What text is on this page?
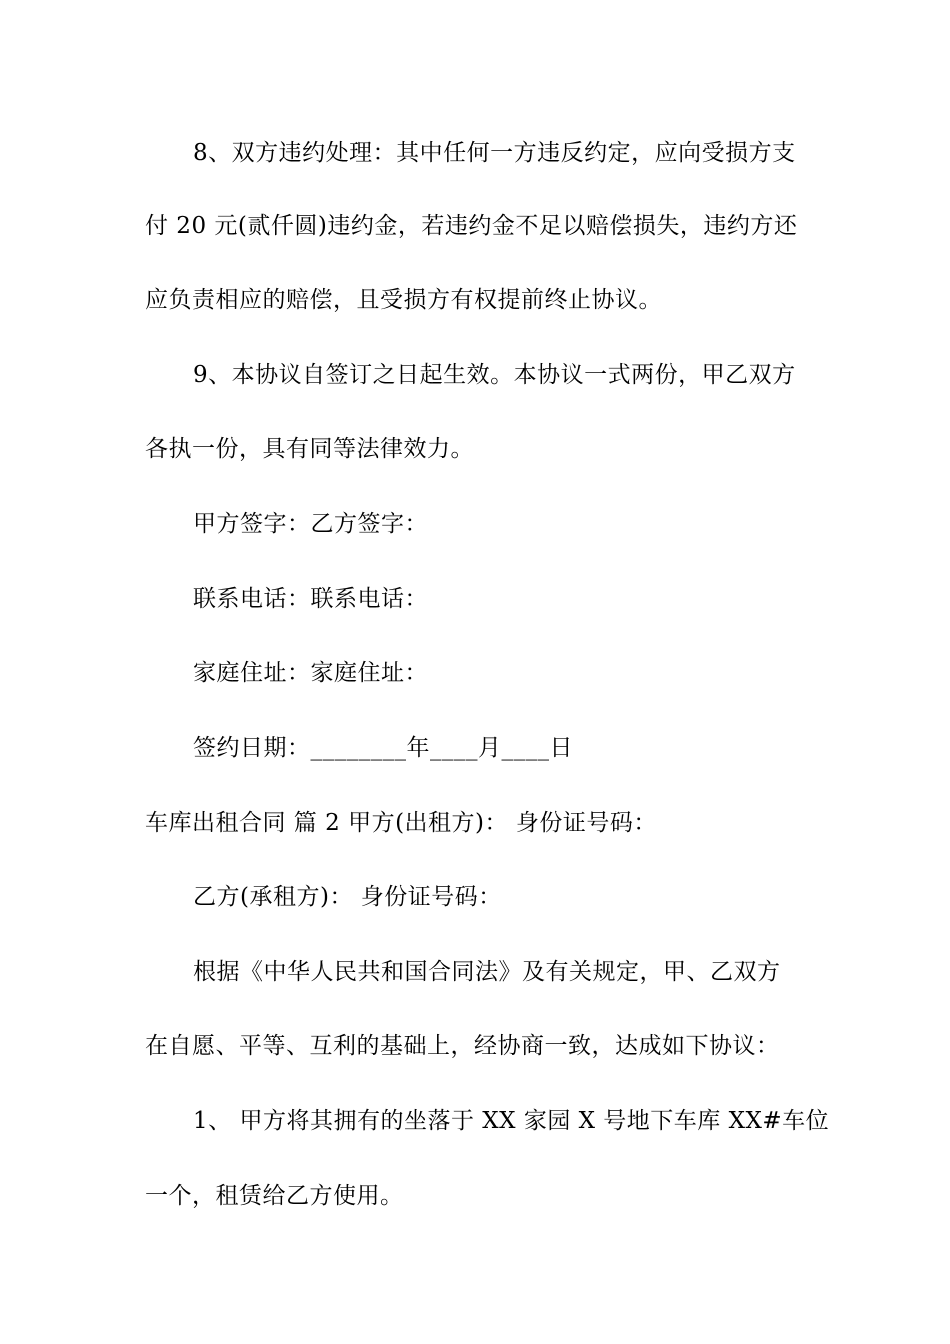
8、双方违约处理：其中任何一方违反约定，应向受损方支
付 20 元(贰仟圆)违约金，若违约金不足以赔偿损失，违约方还
应负责相应的赔偿，且受损方有权提前终止协议。
9、本协议自签订之日起生效。本协议一式两份，甲乙双方
各执一份，具有同等法律效力。
甲方签字：乙方签字：
联系电话：联系电话：
家庭住址：家庭住址：
签约日期：________年____月____日
车库出租合同 篇 2 甲方(出租方)： 身份证号码：
乙方(承租方)： 身份证号码：
根据《中华人民共和国合同法》及有关规定，甲、乙双方
在自愿、平等、互利的基础上，经协商一致，达成如下协议：
1、 甲方将其拥有的坐落于 XX 家园 X 号地下车库 XX#车位
一个，租赁给乙方使用。
